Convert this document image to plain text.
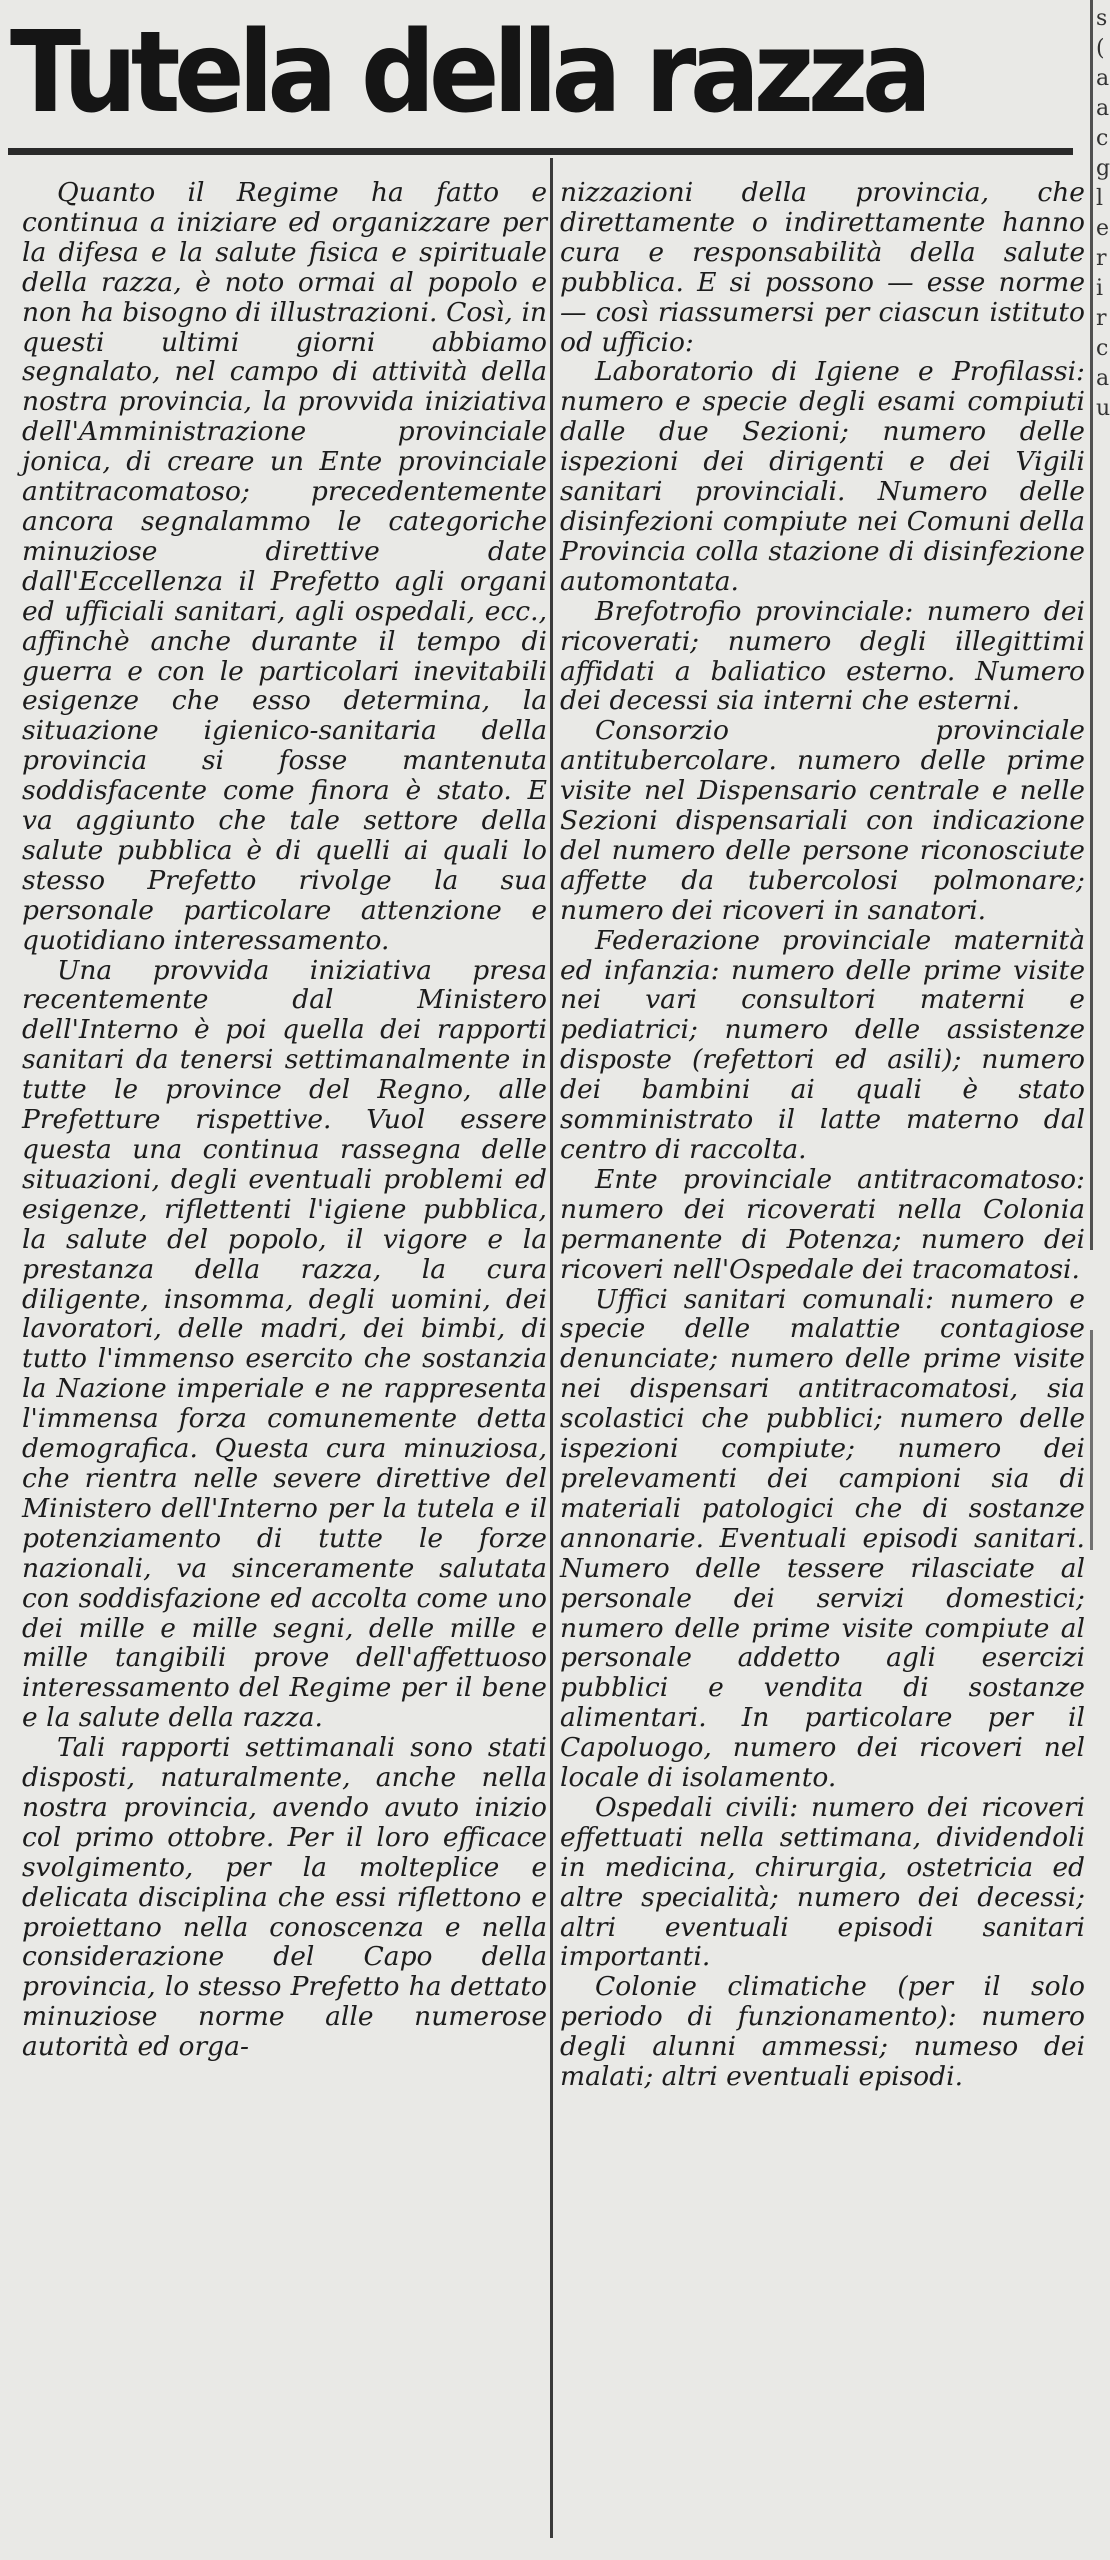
Tutela della razza

Quanto il Regime ha fatto e continua a iniziare ed organizzare per la difesa e la salute fisica e spirituale della razza, è noto ormai al popolo e non ha bisogno di illustrazioni. Così, in questi ultimi giorni abbiamo segnalato, nel campo di attività della nostra provincia, la provvida iniziativa dell'Amministrazione provinciale jonica, di creare un Ente provinciale antitracomatoso; precedentemente ancora segnalammo le categoriche minuziose direttive date dall'Eccellenza il Prefetto agli organi ed ufficiali sanitari, agli ospedali, ecc., affinchè anche durante il tempo di guerra e con le particolari inevitabili esigenze che esso determina, la situazione igienico-sanitaria della provincia si fosse mantenuta soddisfacente come finora è stato. E va aggiunto che tale settore della salute pubblica è di quelli ai quali lo stesso Prefetto rivolge la sua personale particolare attenzione e quotidiano interessamento.

Una provvida iniziativa presa recentemente dal Ministero dell'Interno è poi quella dei rapporti sanitari da tenersi settimanalmente in tutte le province del Regno, alle Prefetture rispettive. Vuol essere questa una continua rassegna delle situazioni, degli eventuali problemi ed esigenze, riflettenti l'igiene pubblica, la salute del popolo, il vigore e la prestanza della razza, la cura diligente, insomma, degli uomini, dei lavoratori, delle madri, dei bimbi, di tutto l'immenso esercito che sostanzia la Nazione imperiale e ne rappresenta l'immensa forza comunemente detta demografica. Questa cura minuziosa, che rientra nelle severe direttive del Ministero dell'Interno per la tutela e il potenziamento di tutte le forze nazionali, va sinceramente salutata con soddisfazione ed accolta come uno dei mille e mille segni, delle mille e mille tangibili prove dell'affettuoso interessamento del Regime per il bene e la salute della razza.

Tali rapporti settimanali sono stati disposti, naturalmente, anche nella nostra provincia, avendo avuto inizio col primo ottobre. Per il loro efficace svolgimento, per la molteplice e delicata disciplina che essi riflettono e proiettano nella conoscenza e nella considerazione del Capo della provincia, lo stesso Prefetto ha dettato minuziose norme alle numerose autorità ed orga-

nizzazioni della provincia, che direttamente o indirettamente hanno cura e responsabilità della salute pubblica. E si possono — esse norme — così riassumersi per ciascun istituto od ufficio:

Laboratorio di Igiene e Profilassi: numero e specie degli esami compiuti dalle due Sezioni; numero delle ispezioni dei dirigenti e dei Vigili sanitari provinciali. Numero delle disinfezioni compiute nei Comuni della Provincia colla stazione di disinfezione automontata.

Brefotrofio provinciale: numero dei ricoverati; numero degli illegittimi affidati a baliatico esterno. Numero dei decessi sia interni che esterni.

Consorzio provinciale antitubercolare. numero delle prime visite nel Dispensario centrale e nelle Sezioni dispensariali con indicazione del numero delle persone riconosciute affette da tubercolosi polmonare; numero dei ricoveri in sanatori.

Federazione provinciale maternità ed infanzia: numero delle prime visite nei vari consultori materni e pediatrici; numero delle assistenze disposte (refettori ed asili); numero dei bambini ai quali è stato somministrato il latte materno dal centro di raccolta.

Ente provinciale antitracomatoso: numero dei ricoverati nella Colonia permanente di Potenza; numero dei ricoveri nell'Ospedale dei tracomatosi.

Uffici sanitari comunali: numero e specie delle malattie contagiose denunciate; numero delle prime visite nei dispensari antitracomatosi, sia scolastici che pubblici; numero delle ispezioni compiute; numero dei prelevamenti dei campioni sia di materiali patologici che di sostanze annonarie. Eventuali episodi sanitari. Numero delle tessere rilasciate al personale dei servizi domestici; numero delle prime visite compiute al personale addetto agli esercizi pubblici e vendita di sostanze alimentari. In particolare per il Capoluogo, numero dei ricoveri nel locale di isolamento.

Ospedali civili: numero dei ricoveri effettuati nella settimana, dividendoli in medicina, chirurgia, ostetricia ed altre specialità; numero dei decessi; altri eventuali episodi sanitari importanti.

Colonie climatiche (per il solo periodo di funzionamento): numero degli alunni ammessi; numeso dei malati; altri eventuali episodi.

s
(
a
a
c
g
l
e
r
i
r
c
a
u
